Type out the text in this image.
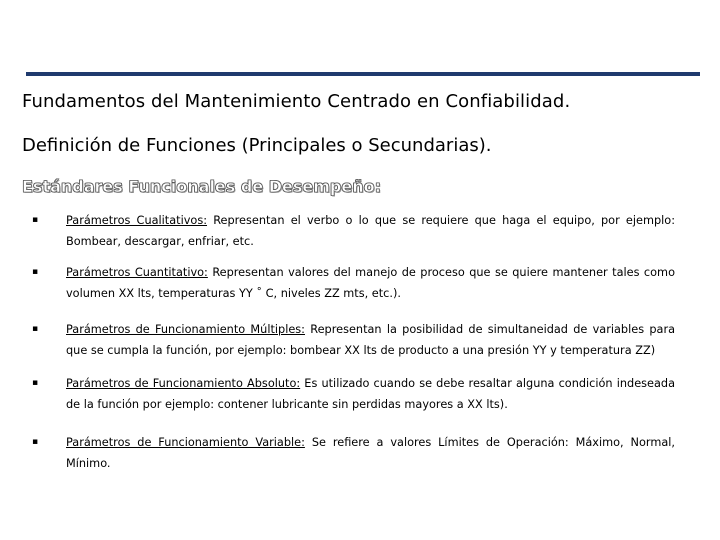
Fundamentos del Mantenimiento Centrado en Confiabilidad.
Definición de Funciones (Principales o Secundarias).
Estándares Funcionales de Desempeño:
▪ Parámetros Cualitativos: Representan el verbo o lo que se requiere que haga el equipo, por ejemplo: Bombear, descargar, enfriar, etc.
▪ Parámetros Cuantitativo: Representan valores del manejo de proceso que se quiere mantener tales como volumen XX lts, temperaturas YY ˚ C, niveles ZZ mts, etc.).
▪ Parámetros de Funcionamiento Múltiples: Representan la posibilidad de simultaneidad de variables para que se cumpla la función, por ejemplo: bombear XX lts de producto a una presión YY y temperatura ZZ)
▪ Parámetros de Funcionamiento Absoluto: Es utilizado cuando se debe resaltar alguna condición indeseada de la función por ejemplo: contener lubricante sin perdidas mayores a XX lts).
▪ Parámetros de Funcionamiento Variable: Se refiere a valores Límites de Operación: Máximo, Normal, Mínimo.
